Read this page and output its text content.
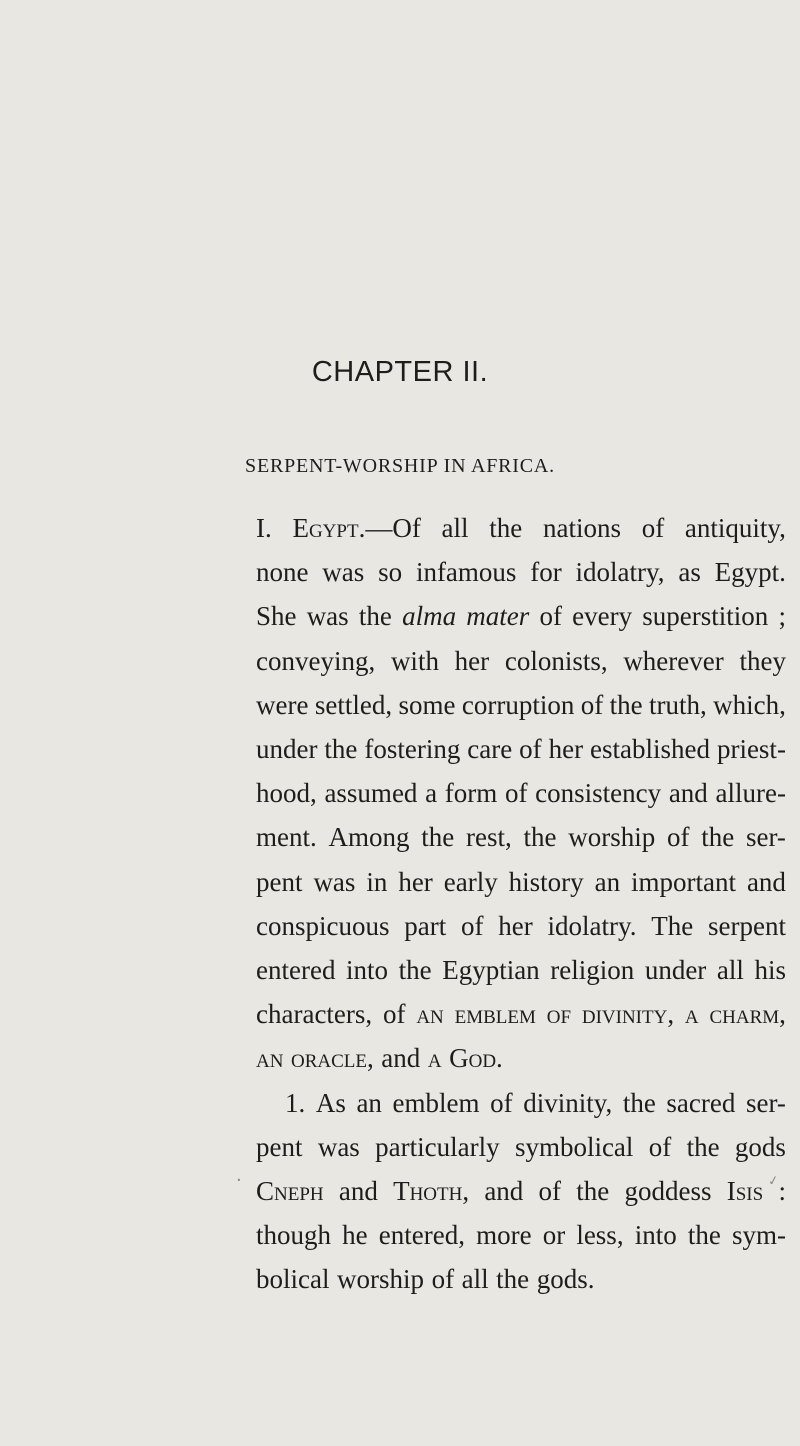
CHAPTER II.
SERPENT-WORSHIP IN AFRICA.
I. Egypt.—Of all the nations of antiquity,
none was so infamous for idolatry, as Egypt.
She was the alma mater of every superstition ;
conveying, with her colonists, wherever they
were settled, some corruption of the truth, which,
under the fostering care of her established priest-
hood, assumed a form of consistency and allure-
ment. Among the rest, the worship of the ser-
pent was in her early history an important and
conspicuous part of her idolatry. The serpent
entered into the Egyptian religion under all his
characters, of an emblem of divinity, a charm,
an oracle, and a God.
1. As an emblem of divinity, the sacred ser-
pent was particularly symbolical of the gods
Cneph and Thoth, and of the goddess Isis :
though he entered, more or less, into the sym-
bolical worship of all the gods.
.	✓
